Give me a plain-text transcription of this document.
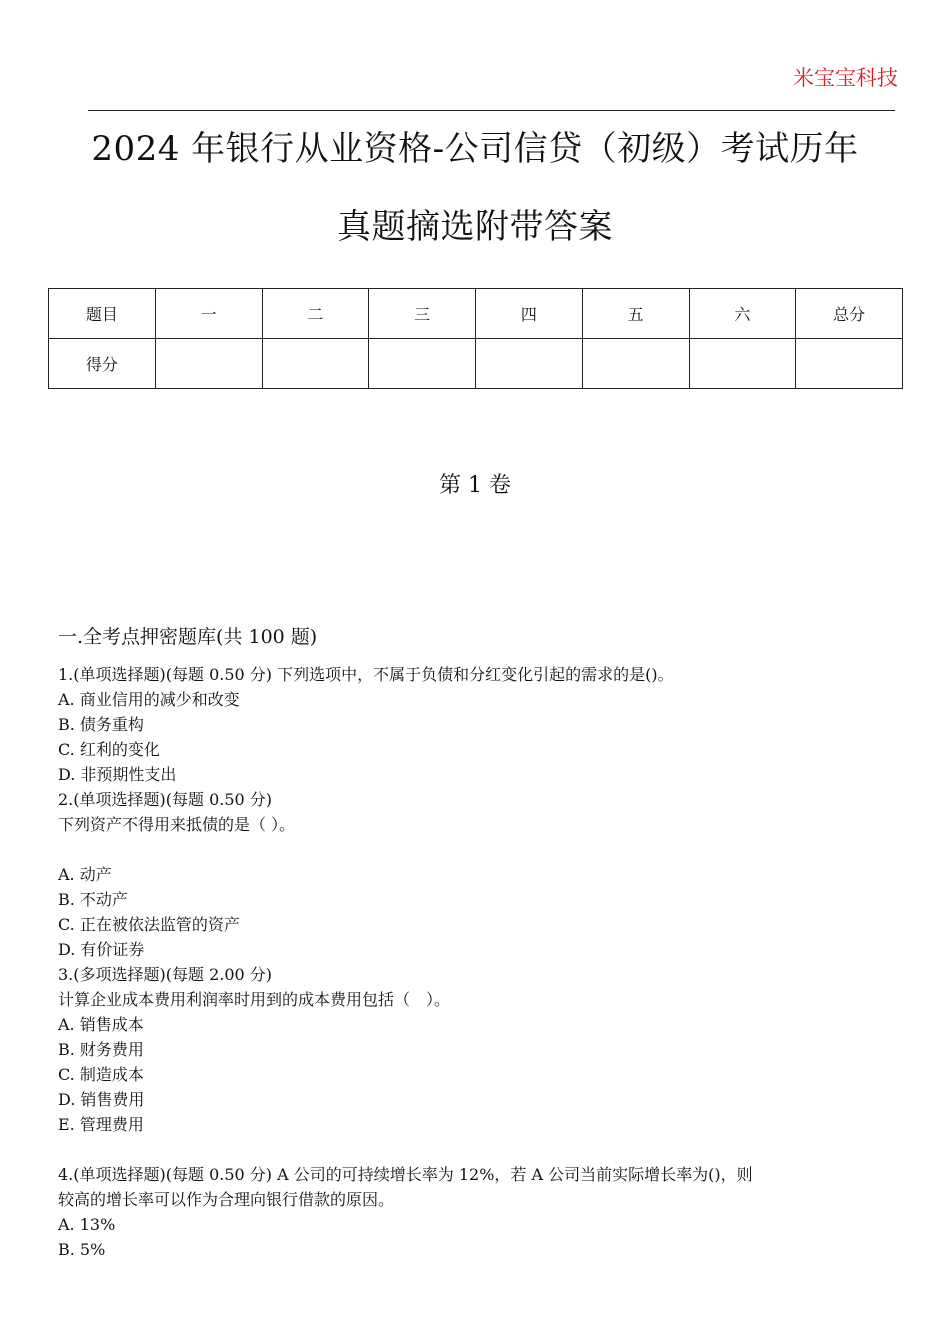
米宝宝科技
2024 年银行从业资格-公司信贷（初级）考试历年
真题摘选附带答案
题目	一	二	三	四	五	六	总分
得分							
第 1 卷
一.全考点押密题库(共 100 题)
1.(单项选择题)(每题 0.50 分) 下列选项中，不属于负债和分红变化引起的需求的是()。
A. 商业信用的减少和改变
B. 债务重构
C. 红利的变化
D. 非预期性支出
2.(单项选择题)(每题 0.50 分)
下列资产不得用来抵债的是（ ）。
A. 动产
B. 不动产
C. 正在被依法监管的资产
D. 有价证券
3.(多项选择题)(每题 2.00 分)
计算企业成本费用利润率时用到的成本费用包括（　）。
A. 销售成本
B. 财务费用
C. 制造成本
D. 销售费用
E. 管理费用
4.(单项选择题)(每题 0.50 分) A 公司的可持续增长率为 12%，若 A 公司当前实际增长率为()，则
较高的增长率可以作为合理向银行借款的原因。
A. 13%
B. 5%
